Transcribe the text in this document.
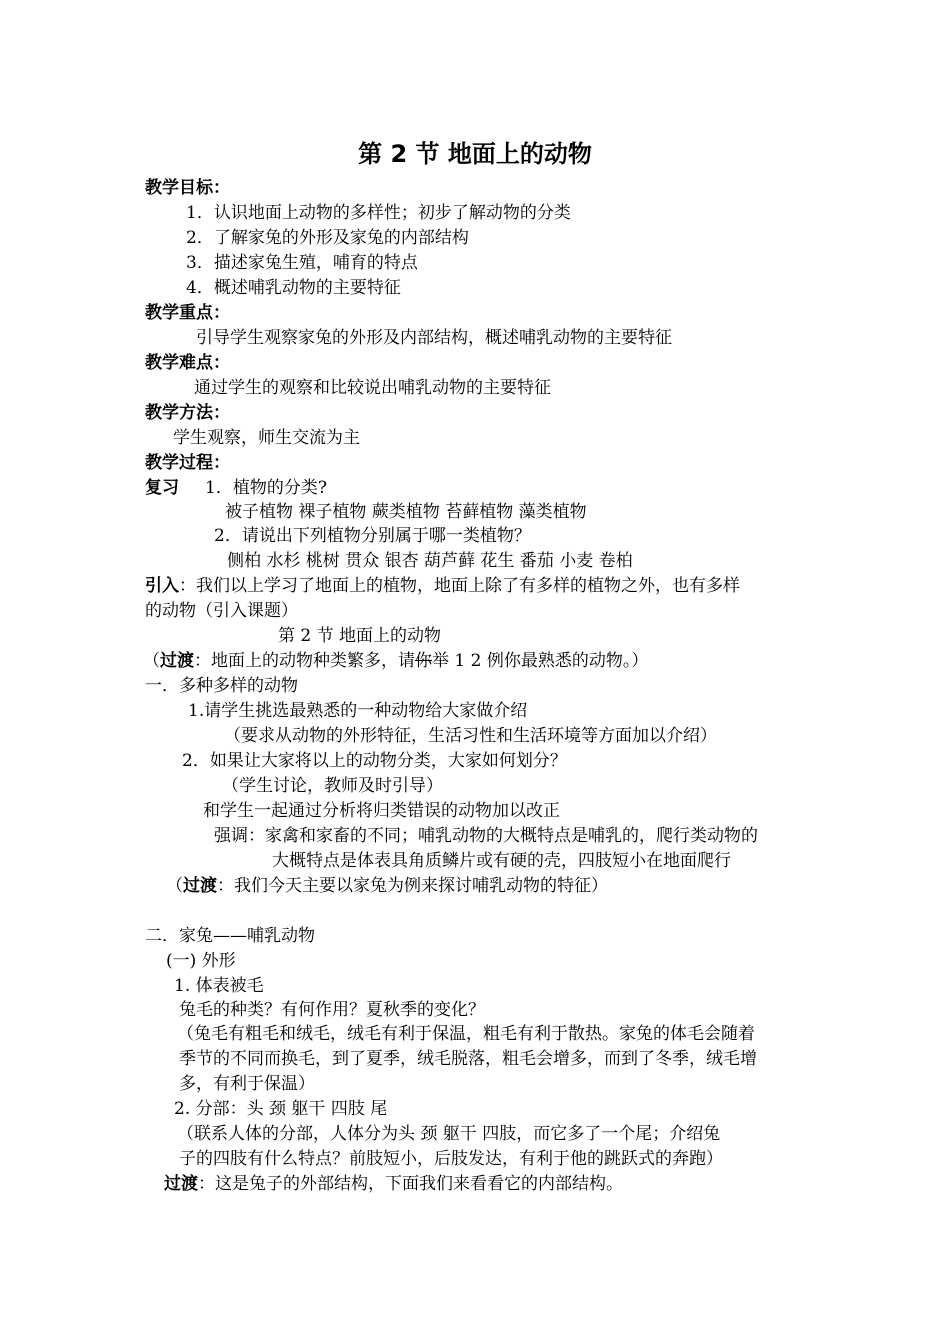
第 2 节 地面上的动物
教学目标：
1．认识地面上动物的多样性；初步了解动物的分类
2．了解家兔的外形及家兔的内部结构
3．描述家兔生殖，哺育的特点
4．概述哺乳动物的主要特征
教学重点：
引导学生观察家兔的外形及内部结构，概述哺乳动物的主要特征
教学难点：
通过学生的观察和比较说出哺乳动物的主要特征
教学方法：
学生观察，师生交流为主
教学过程：
复习 1．植物的分类?
被子植物 裸子植物 蕨类植物 苔藓植物 藻类植物
2．请说出下列植物分别属于哪一类植物？
侧柏 水杉 桃树 贯众 银杏 葫芦藓 花生 番茄 小麦 卷柏
引入：我们以上学习了地面上的植物，地面上除了有多样的植物之外，也有多样
的动物（引入课题）
第 2 节 地面上的动物
（过渡：地面上的动物种类繁多，请你举 1 2 例你最熟悉的动物。）
一．多种多样的动物
1.请学生挑选最熟悉的一种动物给大家做介绍
（要求从动物的外形特征，生活习性和生活环境等方面加以介绍）
2．如果让大家将以上的动物分类，大家如何划分？
（学生讨论，教师及时引导）
和学生一起通过分析将归类错误的动物加以改正
强调：家禽和家畜的不同；哺乳动物的大概特点是哺乳的，爬行类动物的
大概特点是体表具角质鳞片或有硬的壳，四肢短小在地面爬行
（过渡：我们今天主要以家兔为例来探讨哺乳动物的特征）
二．家兔——哺乳动物
(一) 外形
1. 体表被毛
兔毛的种类？有何作用？夏秋季的变化？
（兔毛有粗毛和绒毛，绒毛有利于保温，粗毛有利于散热。家兔的体毛会随着
季节的不同而换毛，到了夏季，绒毛脱落，粗毛会增多，而到了冬季，绒毛增
多，有利于保温）
2. 分部：头 颈 躯干 四肢 尾
（联系人体的分部，人体分为头 颈 躯干 四肢，而它多了一个尾；介绍兔
子的四肢有什么特点？前肢短小，后肢发达，有利于他的跳跃式的奔跑）
过渡：这是兔子的外部结构，下面我们来看看它的内部结构。
